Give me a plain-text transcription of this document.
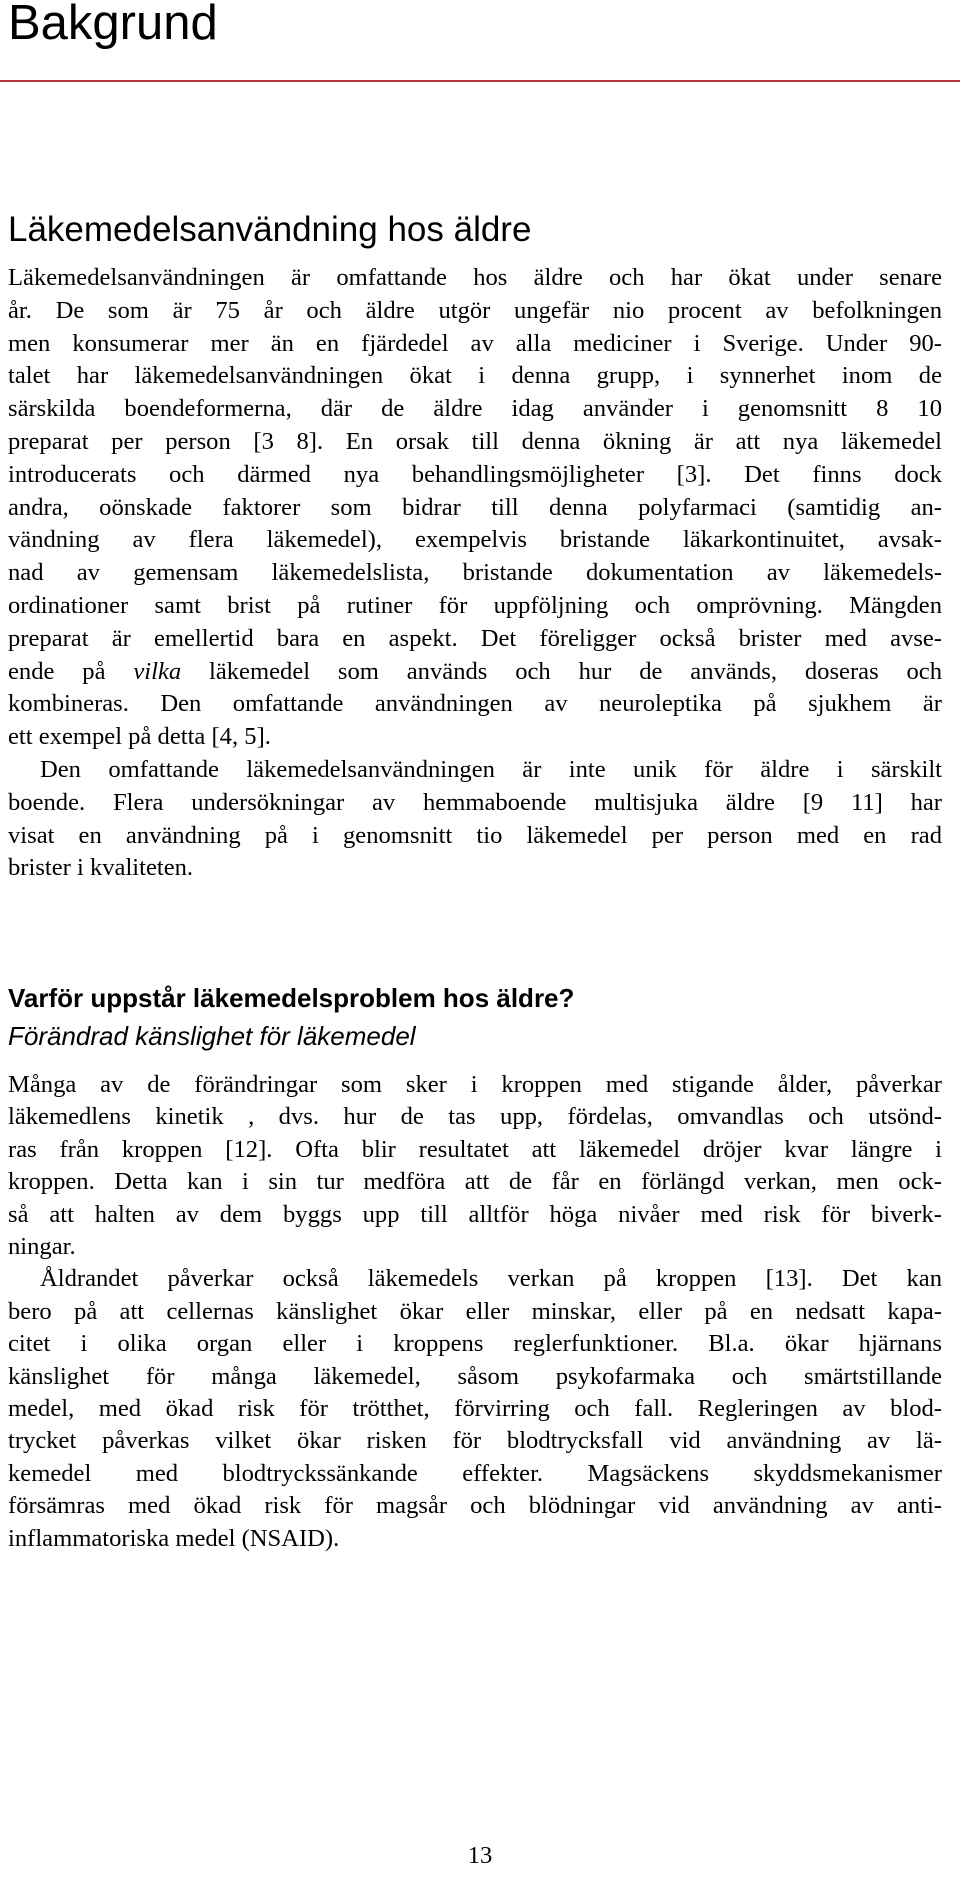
Bakgrund
Läkemedelsanvändning hos äldre

Läkemedelsanvändningen är omfattande hos äldre och har ökat under senare

år. De som är 75 år och äldre utgör ungefär nio procent av befolkningen

men konsumerar mer än en fjärdedel av alla mediciner i Sverige. Under 90-

talet har läkemedelsanvändningen ökat i denna grupp, i synnerhet inom de

särskilda boendeformerna, där de äldre idag använder i genomsnitt 8 10

preparat per person [3 8]. En orsak till denna ökning är att nya läkemedel

introducerats och därmed nya behandlingsmöjligheter [3]. Det finns dock

andra, oönskade faktorer som bidrar till denna polyfarmaci (samtidig an-

vändning av flera läkemedel), exempelvis bristande läkarkontinuitet, avsak-

nad av gemensam läkemedelslista, bristande dokumentation av läkemedels-

ordinationer samt brist på rutiner för uppföljning och omprövning. Mängden

preparat är emellertid bara en aspekt. Det föreligger också brister med avse-

ende på vilka läkemedel som används och hur de används, doseras och

kombineras. Den omfattande användningen av neuroleptika på sjukhem är

ett exempel på detta [4, 5].

Den omfattande läkemedelsanvändningen är inte unik för äldre i särskilt

boende. Flera undersökningar av hemmaboende multisjuka äldre [9 11] har

visat en användning på i genomsnitt tio läkemedel per person med en rad

brister i kvaliteten.

Varför uppstår läkemedelsproblem hos äldre?
Förändrad känslighet för läkemedel

Många av de förändringar som sker i kroppen med stigande ålder, påverkar

läkemedlens kinetik , dvs. hur de tas upp, fördelas, omvandlas och utsönd-

ras från kroppen [12]. Ofta blir resultatet att läkemedel dröjer kvar längre i

kroppen. Detta kan i sin tur medföra att de får en förlängd verkan, men ock-

så att halten av dem byggs upp till alltför höga nivåer med risk för biverk-

ningar.

Åldrandet påverkar också läkemedels verkan på kroppen [13]. Det kan

bero på att cellernas känslighet ökar eller minskar, eller på en nedsatt kapa-

citet i olika organ eller i kroppens reglerfunktioner. Bl.a. ökar hjärnans

känslighet för många läkemedel, såsom psykofarmaka och smärtstillande

medel, med ökad risk för trötthet, förvirring och fall. Regleringen av blod-

trycket påverkas vilket ökar risken för blodtrycksfall vid användning av lä-

kemedel med blodtryckssänkande effekter. Magsäckens skyddsmekanismer

försämras med ökad risk för magsår och blödningar vid användning av anti-

inflammatoriska medel (NSAID).

13
